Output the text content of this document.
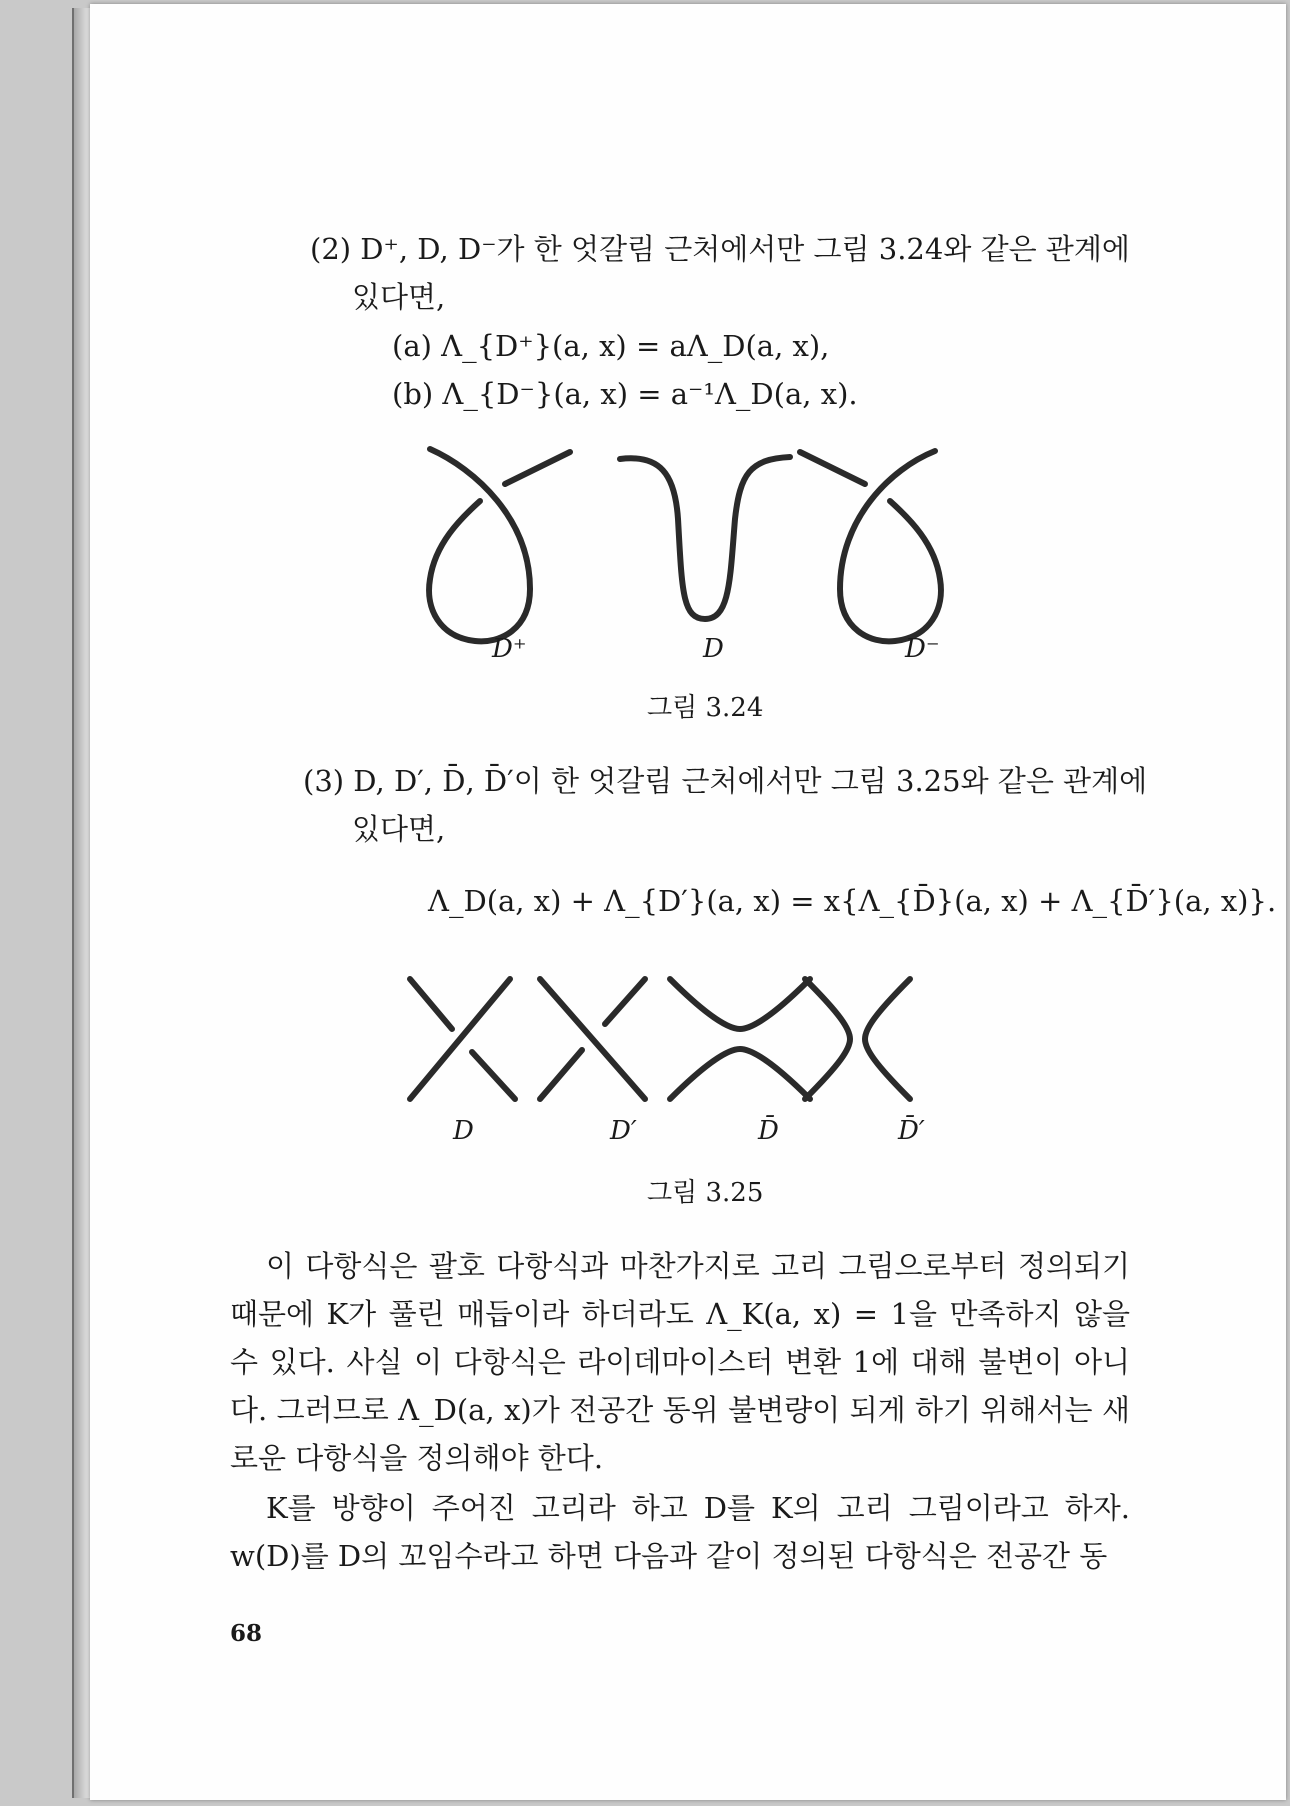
(2) D⁺, D, D⁻가 한 엇갈림 근처에서만 그림 3.24와 같은 관계에
있다면,
(a) Λ_{D⁺}(a, x) = aΛ_D(a, x),
(b) Λ_{D⁻}(a, x) = a⁻¹Λ_D(a, x).
D⁺	D	D⁻
그림 3.24
(3) D, D′, D̄, D̄′이 한 엇갈림 근처에서만 그림 3.25와 같은 관계에
있다면,
Λ_D(a, x) + Λ_{D′}(a, x) = x{Λ_{D̄}(a, x) + Λ_{D̄′}(a, x)}.
D	D′	D̄	D̄′
그림 3.25
이 다항식은 괄호 다항식과 마찬가지로 고리 그림으로부터 정의되기 때문에 K가 풀린 매듭이라 하더라도 Λ_K(a, x) = 1을 만족하지 않을 수 있다. 사실 이 다항식은 라이데마이스터 변환 1에 대해 불변이 아니다. 그러므로 Λ_D(a, x)가 전공간 동위 불변량이 되게 하기 위해서는 새로운 다항식을 정의해야 한다.
K를 방향이 주어진 고리라 하고 D를 K의 고리 그림이라고 하자. w(D)를 D의 꼬임수라고 하면 다음과 같이 정의된 다항식은 전공간 동
68
